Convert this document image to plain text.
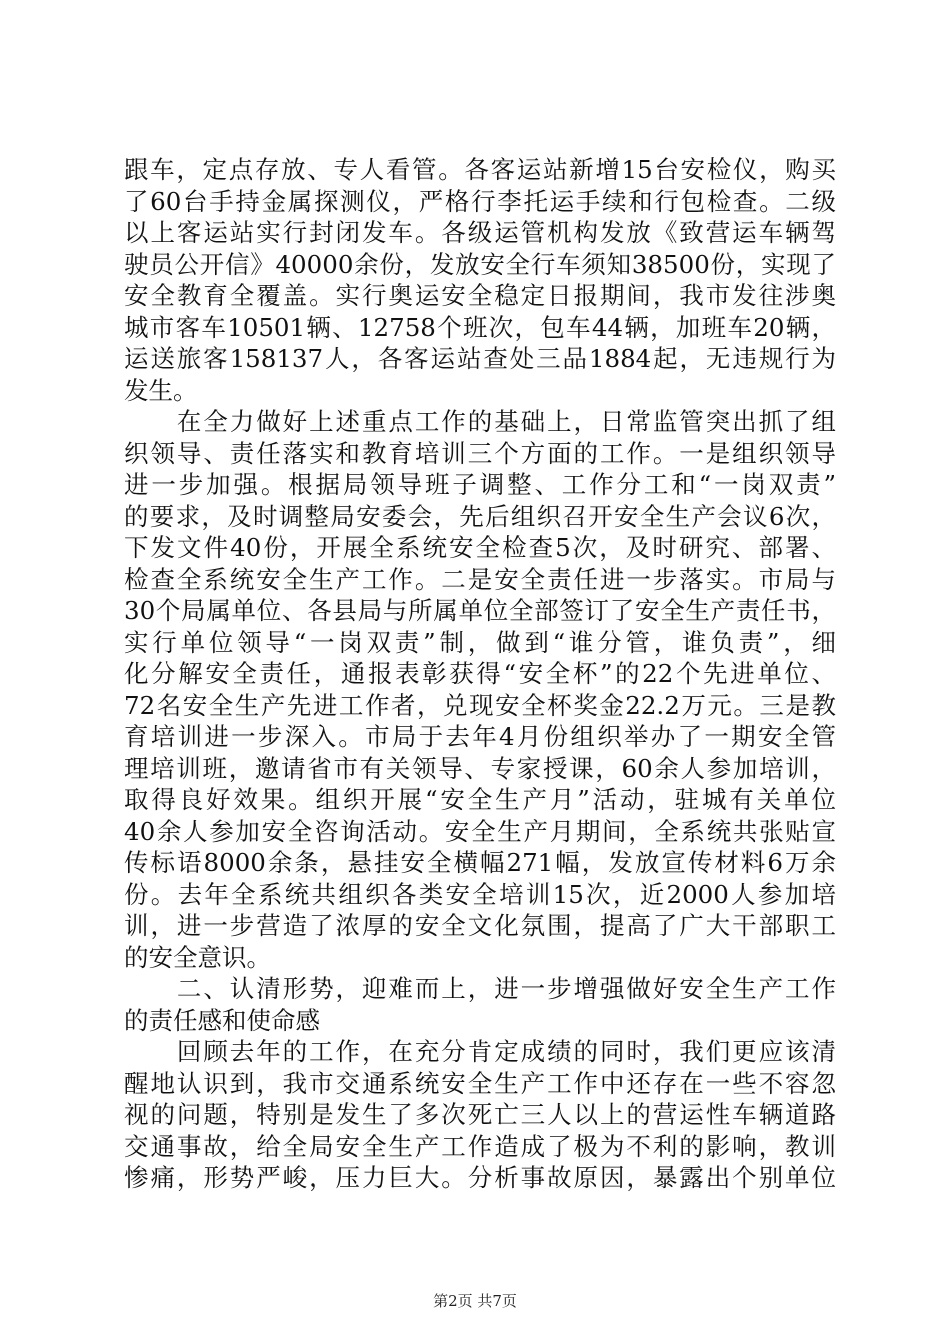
跟车，定点存放、专人看管。各客运站新增15台安检仪，购买
了60台手持金属探测仪，严格行李托运手续和行包检查。二级
以上客运站实行封闭发车。各级运管机构发放《致营运车辆驾
驶员公开信》40000余份，发放安全行车须知38500份，实现了
安全教育全覆盖。实行奥运安全稳定日报期间，我市发往涉奥
城市客车10501辆、12758个班次，包车44辆，加班车20辆，
运送旅客158137人，各客运站查处三品1884起，无违规行为
发生。
　　在全力做好上述重点工作的基础上，日常监管突出抓了组
织领导、责任落实和教育培训三个方面的工作。一是组织领导
进一步加强。根据局领导班子调整、工作分工和“一岗双责”
的要求，及时调整局安委会，先后组织召开安全生产会议6次，
下发文件40份，开展全系统安全检查5次，及时研究、部署、
检查全系统安全生产工作。二是安全责任进一步落实。市局与
30个局属单位、各县局与所属单位全部签订了安全生产责任书，
实行单位领导“一岗双责”制，做到“谁分管，谁负责”，细
化分解安全责任，通报表彰获得“安全杯”的22个先进单位、
72名安全生产先进工作者，兑现安全杯奖金22.2万元。三是教
育培训进一步深入。市局于去年4月份组织举办了一期安全管
理培训班，邀请省市有关领导、专家授课，60余人参加培训，
取得良好效果。组织开展“安全生产月”活动，驻城有关单位
40余人参加安全咨询活动。安全生产月期间，全系统共张贴宣
传标语8000余条，悬挂安全横幅271幅，发放宣传材料6万余
份。去年全系统共组织各类安全培训15次，近2000人参加培
训，进一步营造了浓厚的安全文化氛围，提高了广大干部职工
的安全意识。
　　二、认清形势，迎难而上，进一步增强做好安全生产工作
的责任感和使命感
　　回顾去年的工作，在充分肯定成绩的同时，我们更应该清
醒地认识到，我市交通系统安全生产工作中还存在一些不容忽
视的问题，特别是发生了多次死亡三人以上的营运性车辆道路
交通事故，给全局安全生产工作造成了极为不利的影响，教训
惨痛，形势严峻，压力巨大。分析事故原因，暴露出个别单位
第2页 共7页
